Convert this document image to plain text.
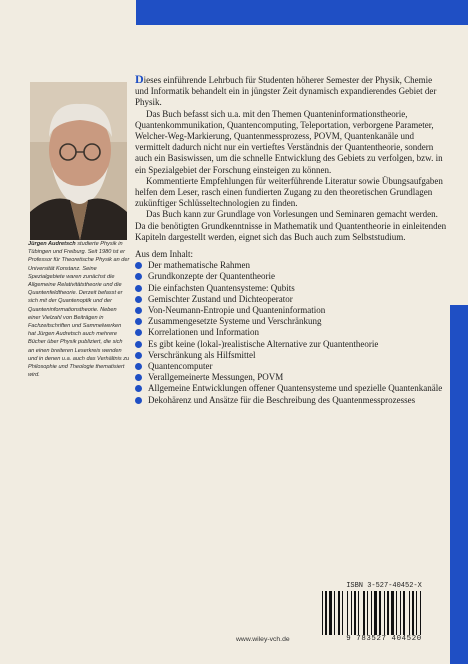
Jürgen Audretsch studierte Physik in Tübingen und Freiburg. Seit 1980 ist er Professor für Theoretische Physik an der Universität Konstanz. Seine Spezialgebiete waren zunächst die Allgemeine Relativitätstheorie und die Quantenfeldtheorie. Derzeit befasst er sich mit der Quantenoptik und der Quanteninformationstheorie. Neben einer Vielzahl von Beiträgen in Fachzeitschriften und Sammelwerken hat Jürgen Audretsch auch mehrere Bücher über Physik publiziert, die sich an einen breiteren Leserkreis wenden und in denen u.a. auch das Verhältnis zu Philosophie und Theologie thematisiert wird.

Dieses einführende Lehrbuch für Studenten höherer Semester der Physik, Chemie und Informatik behandelt ein in jüngster Zeit dynamisch expandierendes Gebiet der Physik.

Das Buch befasst sich u.a. mit den Themen Quanteninformationstheorie, Quantenkommunikation, Quantencomputing, Teleportation, verborgene Parameter, Welcher-Weg-Markierung, Quantenmessprozess, POVM, Quantenkanäle und vermittelt dadurch nicht nur ein vertieftes Verständnis der Quantentheorie, sondern auch ein Basiswissen, um die schnelle Entwicklung des Gebiets zu verfolgen, bzw. in ein Spezialgebiet der Forschung einsteigen zu können.

Kommentierte Empfehlungen für weiterführende Literatur sowie Übungsaufgaben helfen dem Leser, rasch einen fundierten Zugang zu den theoretischen Grundlagen zukünftiger Schlüsseltechnologien zu finden.

Das Buch kann zur Grundlage von Vorlesungen und Seminaren gemacht werden. Da die benötigten Grundkenntnisse in Mathematik und Quantentheorie in einleitenden Kapiteln dargestellt werden, eignet sich das Buch auch zum Selbststudium.

Aus dem Inhalt:
Der mathematische Rahmen
Grundkonzepte der Quantentheorie
Die einfachsten Quantensysteme: Qubits
Gemischter Zustand und Dichteoperator
Von-Neumann-Entropie und Quanteninformation
Zusammengesetzte Systeme und Verschränkung
Korrelationen und Information
Es gibt keine (lokal-)realistische Alternative zur Quantentheorie
Verschränkung als Hilfsmittel
Quantencomputer
Verallgemeinerte Messungen, POVM
Allgemeine Entwicklungen offener Quantensysteme und spezielle Quantenkanäle
Dekohärenz und Ansätze für die Beschreibung des Quantenmessprozesses
ISBN 3-527-40452-X
9 783527 404520
www.wiley-vch.de
